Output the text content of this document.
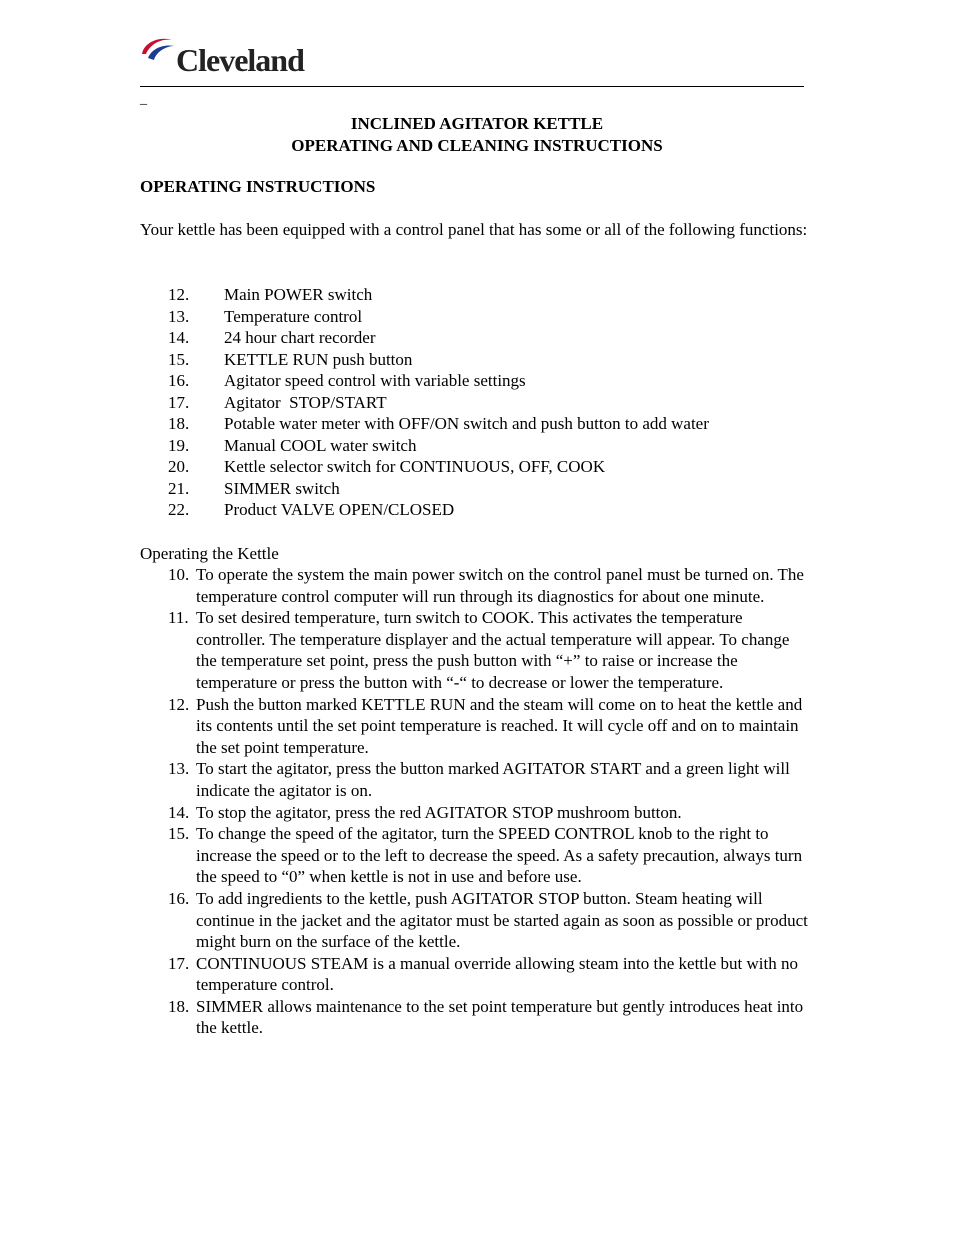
Cleveland
_
INCLINED AGITATOR KETTLE
OPERATING AND CLEANING INSTRUCTIONS
OPERATING INSTRUCTIONS
Your kettle has been equipped with a control panel that has some or all of the following functions:
12. Main POWER switch
13. Temperature control
14. 24 hour chart recorder
15. KETTLE RUN push button
16. Agitator speed control with variable settings
17. Agitator  STOP/START
18. Potable water meter with OFF/ON switch and push button to add water
19. Manual COOL water switch
20. Kettle selector switch for CONTINUOUS, OFF, COOK
21. SIMMER switch
22. Product VALVE OPEN/CLOSED
Operating the Kettle
10. To operate the system the main power switch on the control panel must be turned on. The temperature control computer will run through its diagnostics for about one minute.
11. To set desired temperature, turn switch to COOK. This activates the temperature controller. The temperature displayer and the actual temperature will appear. To change the temperature set point, press the push button with “+” to raise or increase the temperature or press the button with “-“ to decrease or lower the temperature.
12. Push the button marked KETTLE RUN and the steam will come on to heat the kettle and its contents until the set point temperature is reached. It will cycle off and on to maintain the set point temperature.
13. To start the agitator, press the button marked AGITATOR START and a green light will indicate the agitator is on.
14. To stop the agitator, press the red AGITATOR STOP mushroom button.
15. To change the speed of the agitator, turn the SPEED CONTROL knob to the right to increase the speed or to the left to decrease the speed. As a safety precaution, always turn the speed to “0” when kettle is not in use and before use.
16. To add ingredients to the kettle, push AGITATOR STOP button. Steam heating will continue in the jacket and the agitator must be started again as soon as possible or product might burn on the surface of the kettle.
17. CONTINUOUS STEAM is a manual override allowing steam into the kettle but with no temperature control.
18. SIMMER allows maintenance to the set point temperature but gently introduces heat into the kettle.
